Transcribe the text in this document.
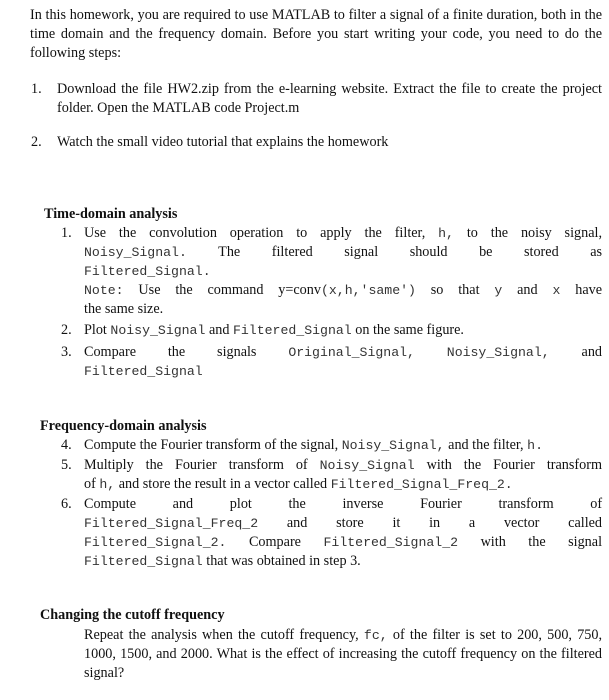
In this homework, you are required to use MATLAB to filter a signal of a finite duration, both in the time domain and the frequency domain. Before you start writing your code, you need to do the following steps:
1. Download the file HW2.zip from the e-learning website. Extract the file to create the project folder. Open the MATLAB code Project.m
2. Watch the small video tutorial that explains the homework
Time-domain analysis
1. Use the convolution operation to apply the filter, h, to the noisy signal,
Noisy_Signal. The filtered signal should be stored as
Filtered_Signal.
Note: Use the command y=conv(x,h,'same') so that y and x have
the same size.
2. Plot Noisy_Signal and Filtered_Signal on the same figure.
3. Compare the signals Original_Signal, Noisy_Signal, and
Filtered_Signal
Frequency-domain analysis
4. Compute the Fourier transform of the signal, Noisy_Signal, and the filter, h.
5. Multiply the Fourier transform of Noisy_Signal with the Fourier transform
of h, and store the result in a vector called Filtered_Signal_Freq_2.
6. Compute	and	plot	the	inverse	Fourier	transform	of
Filtered_Signal_Freq_2 and store it in a vector called
Filtered_Signal_2. Compare Filtered_Signal_2 with the signal
Filtered_Signal that was obtained in step 3.
Changing the cutoff frequency
Repeat the analysis when the cutoff frequency, fc, of the filter is set to 200, 500, 750, 1000, 1500, and 2000. What is the effect of increasing the cutoff frequency on the filtered signal?
